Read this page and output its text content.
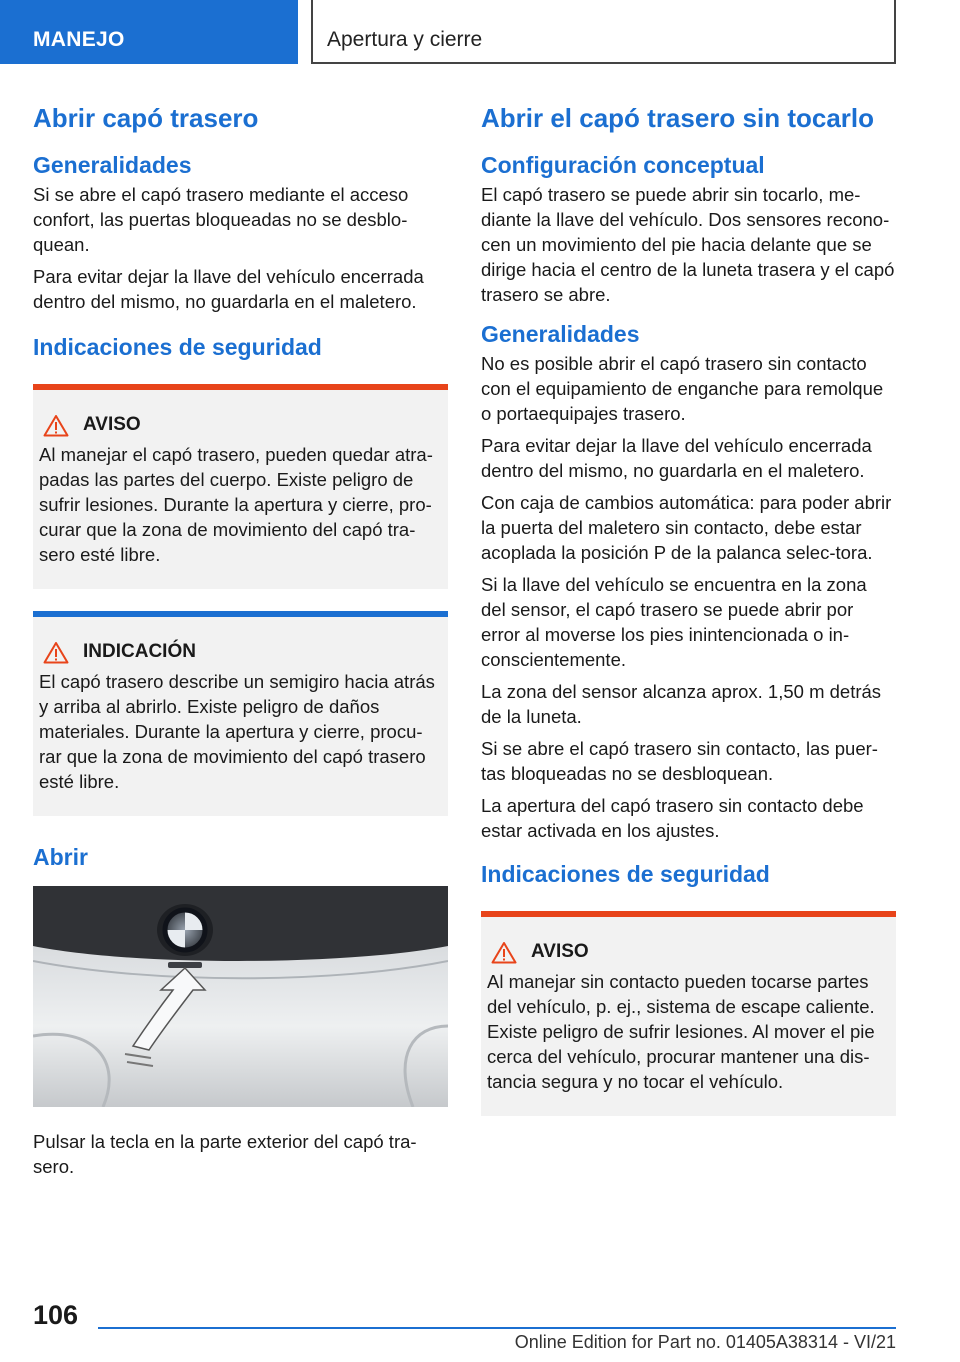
MANEJO	Apertura y cierre
Abrir capó trasero
Generalidades

Si se abre el capó trasero mediante el acceso confort, las puertas bloqueadas no se desblo-quean.

Para evitar dejar la llave del vehículo encerrada dentro del mismo, no guardarla en el maletero.

Indicaciones de seguridad
AVISO

Al manejar el capó trasero, pueden quedar atra-padas las partes del cuerpo. Existe peligro de sufrir lesiones. Durante la apertura y cierre, pro-curar que la zona de movimiento del capó tra-sero esté libre.

INDICACIÓN

El capó trasero describe un semigiro hacia atrás y arriba al abrirlo. Existe peligro de daños materiales. Durante la apertura y cierre, procu-rar que la zona de movimiento del capó trasero esté libre.

Abrir

Pulsar la tecla en la parte exterior del capó tra-sero.

Abrir el capó trasero sin tocarlo
Configuración conceptual

El capó trasero se puede abrir sin tocarlo, me-diante la llave del vehículo. Dos sensores recono-cen un movimiento del pie hacia delante que se dirige hacia el centro de la luneta trasera y el capó trasero se abre.

Generalidades

No es posible abrir el capó trasero sin contacto con el equipamiento de enganche para remolque o portaequipajes trasero.

Para evitar dejar la llave del vehículo encerrada dentro del mismo, no guardarla en el maletero.

Con caja de cambios automática: para poder abrir la puerta del maletero sin contacto, debe estar acoplada la posición P de la palanca selec-tora.

Si la llave del vehículo se encuentra en la zona del sensor, el capó trasero se puede abrir por error al moverse los pies inintencionada o in-conscientemente.

La zona del sensor alcanza aprox. 1,50 m detrás de la luneta.

Si se abre el capó trasero sin contacto, las puer-tas bloqueadas no se desbloquean.

La apertura del capó trasero sin contacto debe estar activada en los ajustes.

Indicaciones de seguridad
AVISO

Al manejar sin contacto pueden tocarse partes del vehículo, p. ej., sistema de escape caliente. Existe peligro de sufrir lesiones. Al mover el pie cerca del vehículo, procurar mantener una dis-tancia segura y no tocar el vehículo.

106
Online Edition for Part no. 01405A38314 - VI/21
